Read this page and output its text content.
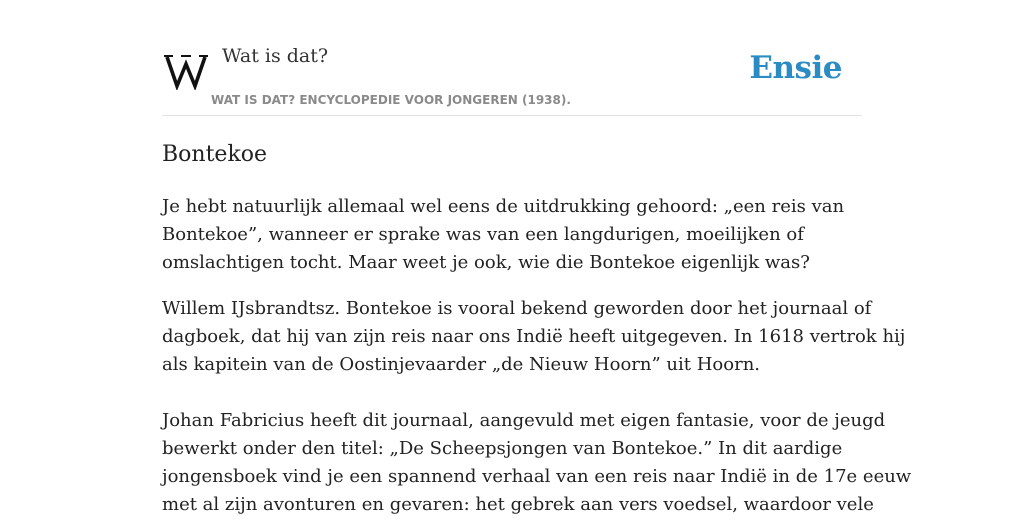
Wat is dat?
WAT IS DAT? ENCYCLOPEDIE VOOR JONGEREN (1938).
Ensie
Bontekoe

Je hebt natuurlijk allemaal wel eens de uitdrukking gehoord: „een reis van
Bontekoe”, wanneer er sprake was van een langdurigen, moeilijken of
omslachtigen tocht. Maar weet je ook, wie die Bontekoe eigenlijk was?

Willem IJsbrandtsz. Bontekoe is vooral bekend geworden door het journaal of
dagboek, dat hij van zijn reis naar ons Indië heeft uitgegeven. In 1618 vertrok hij
als kapitein van de Oostinjevaarder „de Nieuw Hoorn” uit Hoorn.

Johan Fabricius heeft dit journaal, aangevuld met eigen fantasie, voor de jeugd
bewerkt onder den titel: „De Scheepsjongen van Bontekoe.” In dit aardige
jongensboek vind je een spannend verhaal van een reis naar Indië in de 17e eeuw
met al zijn avonturen en gevaren: het gebrek aan vers voedsel, waardoor vele
